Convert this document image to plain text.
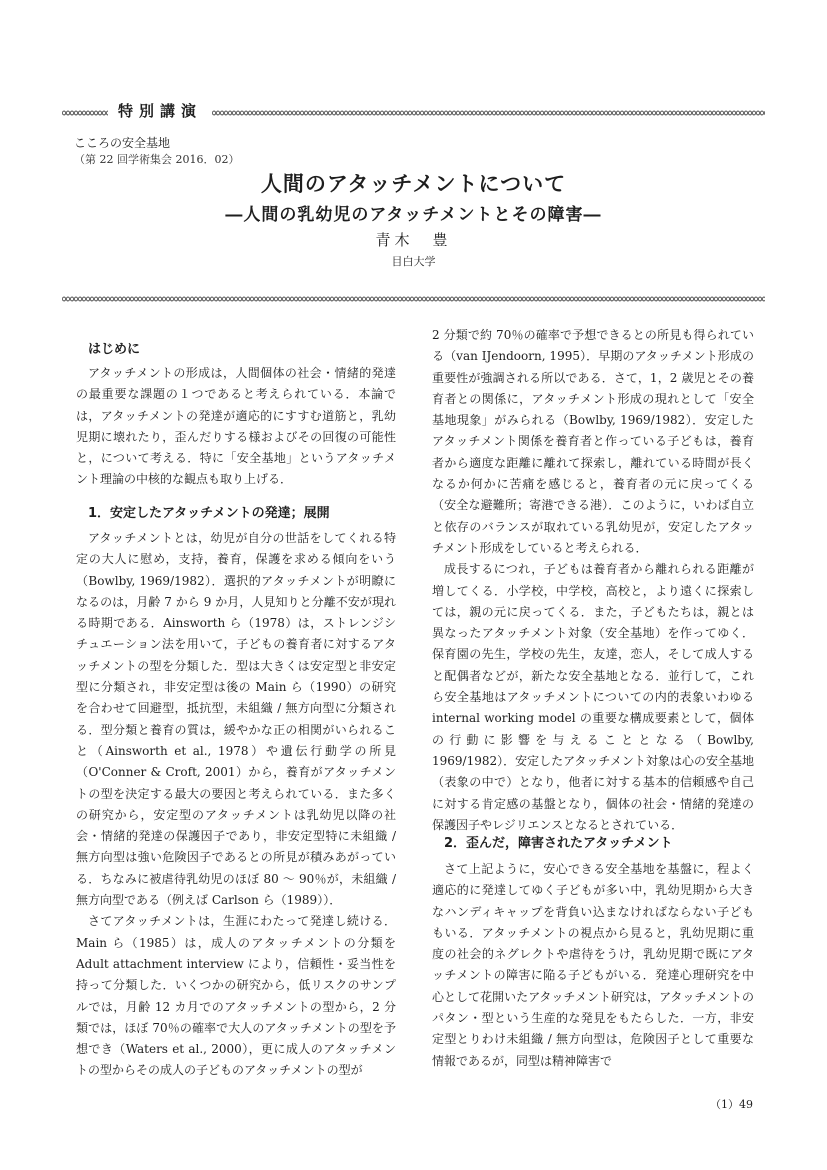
特別講演
こころの安全基地
（第 22 回学術集会 2016．02）
人間のアタッチメントについて
―人間の乳幼児のアタッチメントとその障害―
青木　豊
目白大学
はじめに

アタッチメントの形成は，人間個体の社会・情緒的発達の最重要な課題の１つであると考えられている．本論では，アタッチメントの発達が適応的にすすむ道筋と，乳幼児期に壊れたり，歪んだりする様およびその回復の可能性と，について考える．特に「安全基地」というアタッチメント理論の中核的な観点も取り上げる．

1．安定したアタッチメントの発達；展開

アタッチメントとは，幼児が自分の世話をしてくれる特定の大人に慰め，支持，養育，保護を求める傾向をいう（Bowlby, 1969/1982）．選択的アタッチメントが明瞭になるのは，月齢 7 から 9 か月，人見知りと分離不安が現れる時期である．Ainsworth ら（1978）は，ストレンジシチュエーション法を用いて，子どもの養育者に対するアタッチメントの型を分類した．型は大きくは安定型と非安定型に分類され，非安定型は後の Main ら（1990）の研究を合わせて回避型，抵抗型，未組織 / 無方向型に分類される．型分類と養育の質は，緩やかな正の相関がいられること（Ainsworth et al., 1978）や遺伝行動学の所見（O'Conner & Croft, 2001）から，養育がアタッチメントの型を決定する最大の要因と考えられている．また多くの研究から，安定型のアタッチメントは乳幼児以降の社会・情緒的発達の保護因子であり，非安定型特に未組織 / 無方向型は強い危険因子であるとの所見が積みあがっている．ちなみに被虐待乳幼児のほぼ 80 〜 90％が，未組織 / 無方向型である（例えば Carlson ら（1989））．

さてアタッチメントは，生涯にわたって発達し続ける．Main ら（1985）は，成人のアタッチメントの分類を Adult attachment interview により，信頼性・妥当性を持って分類した．いくつかの研究から，低リスクのサンプルでは，月齢 12 カ月でのアタッチメントの型から，2 分類では，ほぼ 70％の確率で大人のアタッチメントの型を予想でき（Waters et al., 2000），更に成人のアタッチメントの型からその成人の子どものアタッチメントの型が

2 分類で約 70％の確率で予想できるとの所見も得られている（van IJendoorn, 1995）．早期のアタッチメント形成の重要性が強調される所以である．さて，1，2 歳児とその養育者との関係に，アタッチメント形成の現れとして「安全基地現象」がみられる（Bowlby, 1969/1982）．安定したアタッチメント関係を養育者と作っている子どもは，養育者から適度な距離に離れて探索し，離れている時間が長くなるか何かに苦痛を感じると，養育者の元に戻ってくる（安全な避難所；寄港できる港）．このように，いわば自立と依存のバランスが取れている乳幼児が，安定したアタッチメント形成をしていると考えられる．

成長するにつれ，子どもは養育者から離れられる距離が増してくる．小学校，中学校，高校と，より遠くに探索しては，親の元に戻ってくる．また，子どもたちは，親とは異なったアタッチメント対象（安全基地）を作ってゆく．保育園の先生，学校の先生，友達，恋人，そして成人すると配偶者などが，新たな安全基地となる．並行して，これら安全基地はアタッチメントについての内的表象いわゆる internal working model の重要な構成要素として，個体の行動に影響を与えることとなる（Bowlby, 1969/1982）．安定したアタッチメント対象は心の安全基地（表象の中で）となり，他者に対する基本的信頼感や自己に対する肯定感の基盤となり，個体の社会・情緒的発達の保護因子やレジリエンスとなるとされている．

2．歪んだ，障害されたアタッチメント

さて上記ように，安心できる安全基地を基盤に，程よく適応的に発達してゆく子どもが多い中，乳幼児期から大きなハンディキャップを背負い込まなければならない子どももいる．アタッチメントの視点から見ると，乳幼児期に重度の社会的ネグレクトや虐待をうけ，乳幼児期で既にアタッチメントの障害に陥る子どもがいる．発達心理研究を中心として花開いたアタッチメント研究は，アタッチメントのパタン・型という生産的な発見をもたらした．一方，非安定型とりわけ未組織 / 無方向型は，危険因子として重要な情報であるが，同型は精神障害で

（1）49
